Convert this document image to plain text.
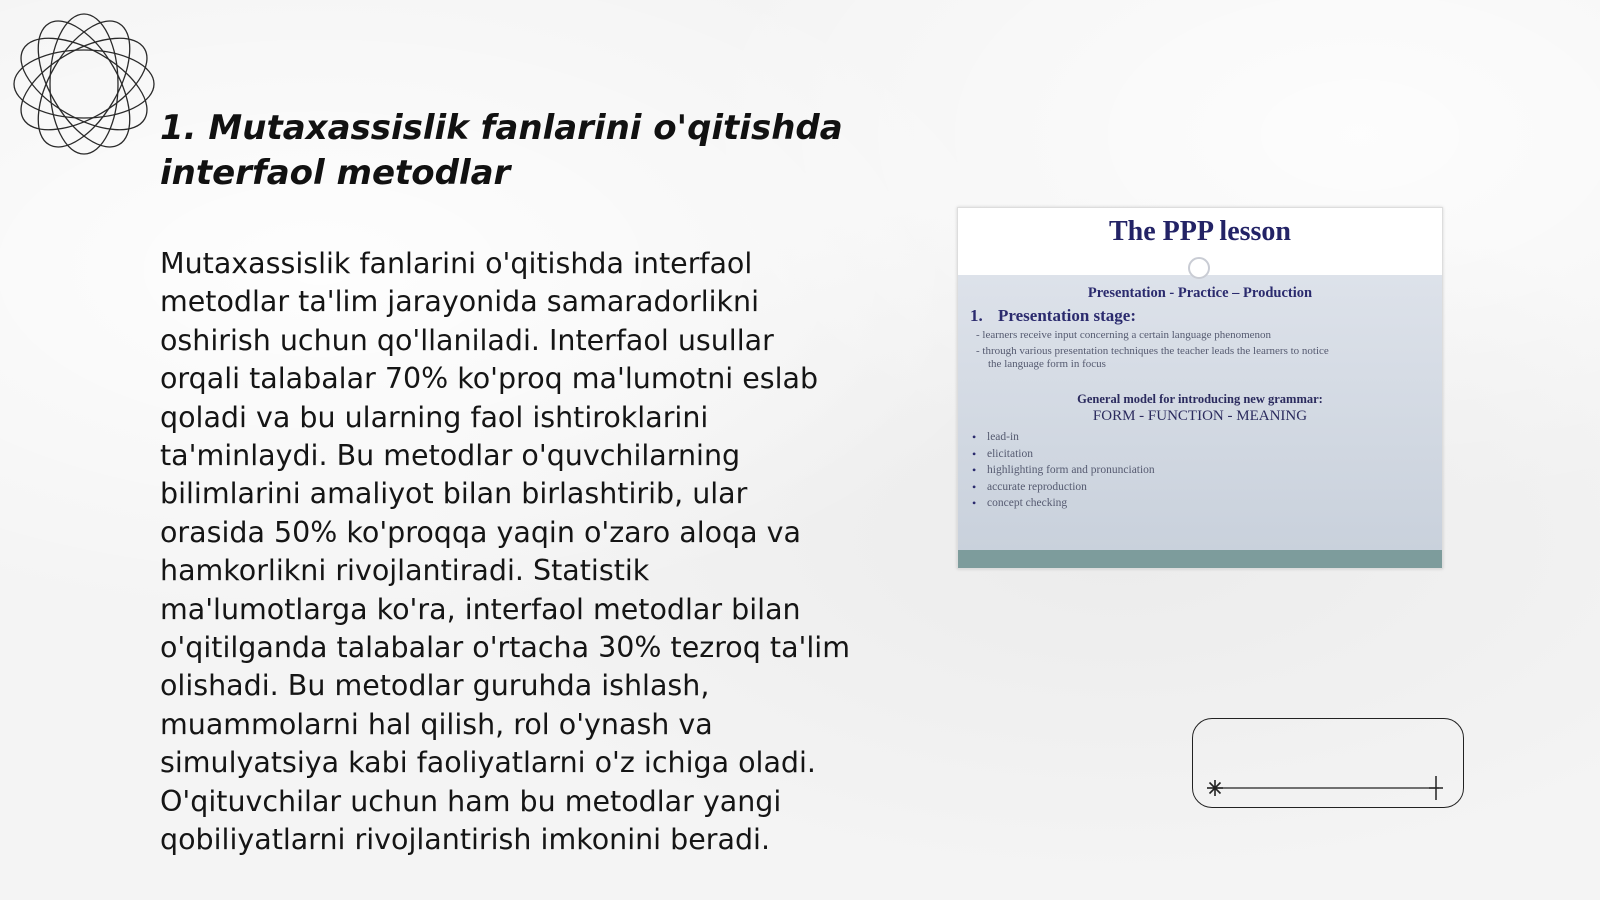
1. Mutaxassislik fanlarini o'qitishda interfaol metodlar

Mutaxassislik fanlarini o'qitishda interfaol metodlar ta'lim jarayonida samaradorlikni oshirish uchun qo'llaniladi. Interfaol usullar orqali talabalar 70% ko'proq ma'lumotni eslab qoladi va bu ularning faol ishtiroklarini ta'minlaydi. Bu metodlar o'quvchilarning bilimlarini amaliyot bilan birlashtirib, ular orasida 50% ko'proqqa yaqin o'zaro aloqa va hamkorlikni rivojlantiradi. Statistik ma'lumotlarga ko'ra, interfaol metodlar bilan o'qitilganda talabalar o'rtacha 30% tezroq ta'lim olishadi. Bu metodlar guruhda ishlash, muammolarni hal qilish, rol o'ynash va simulyatsiya kabi faoliyatlarni o'z ichiga oladi. O'qituvchilar uchun ham bu metodlar yangi qobiliyatlarni rivojlantirish imkonini beradi.

The PPP lesson
Presentation - Practice – Production
1. Presentation stage:
- learners receive input concerning a certain language phenomenon
- through various presentation techniques the teacher leads the learners to notice
the language form in focus
General model for introducing new grammar:
FORM - FUNCTION - MEANING
• lead-in
• elicitation
• highlighting form and pronunciation
• accurate reproduction
• concept checking
